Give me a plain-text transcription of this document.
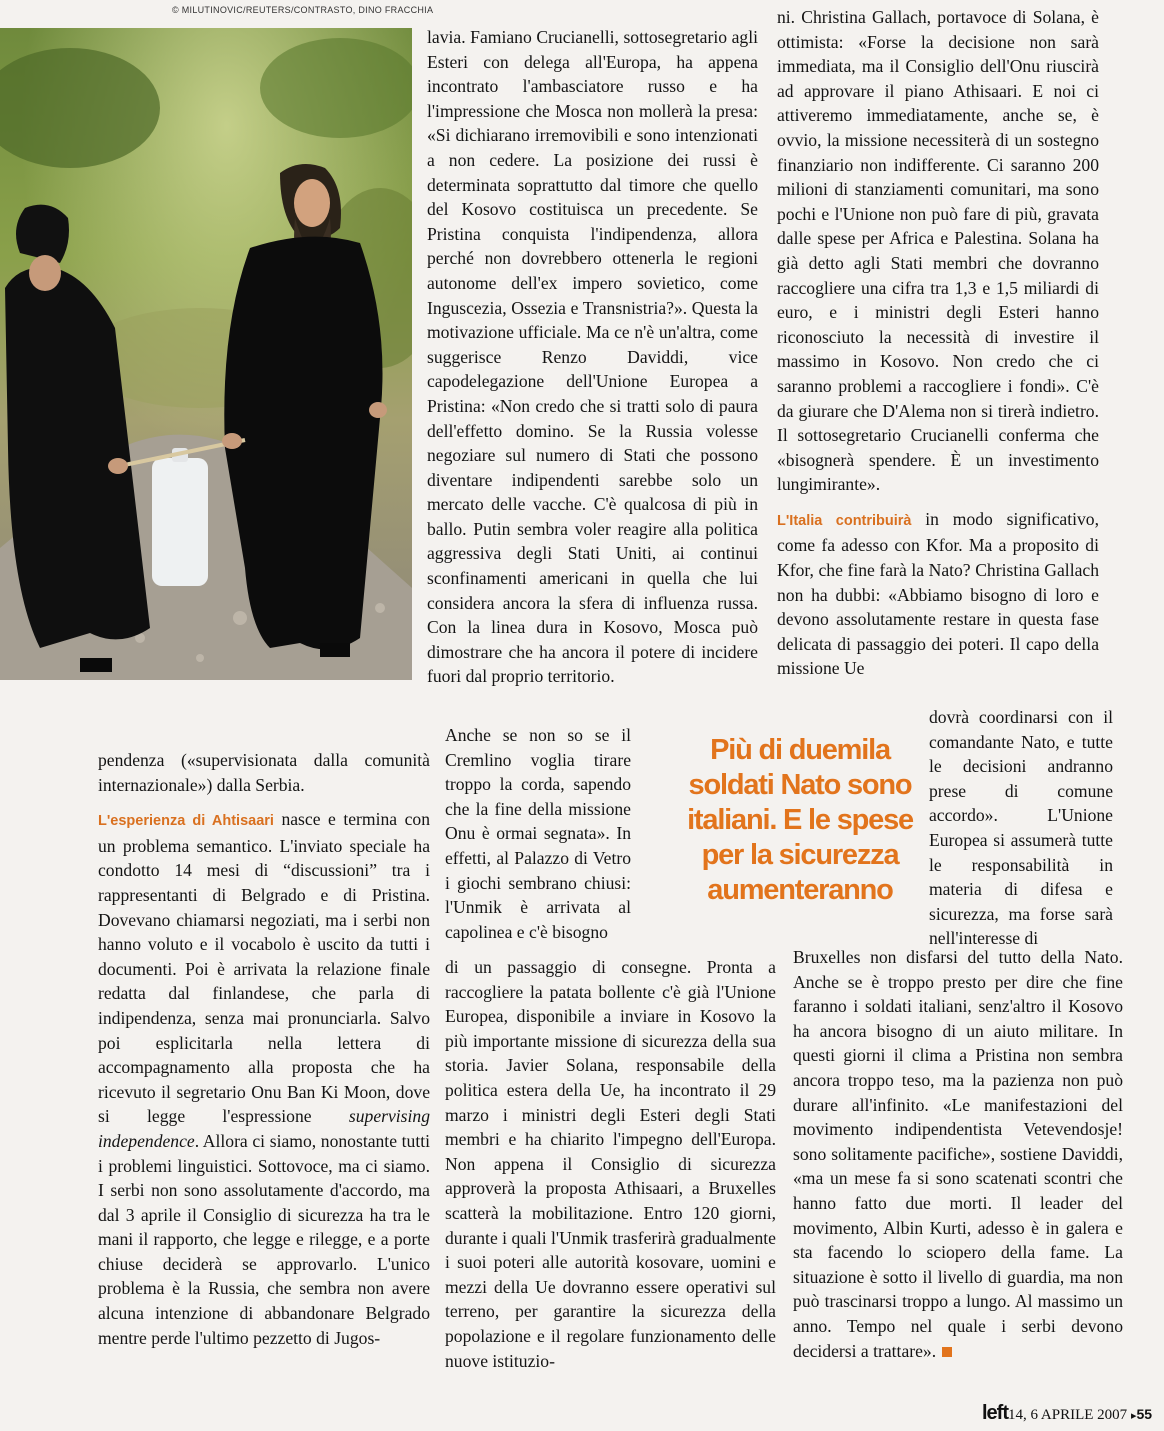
© MILUTINOVIC/REUTERS/CONTRASTO, DINO FRACCHIA

pendenza («supervisionata dalla comunità internazionale») dalla Serbia.

L'esperienza di Ahtisaari nasce e termina con un problema semantico. L'inviato speciale ha condotto 14 mesi di “discussioni” tra i rappresentanti di Belgrado e di Pristina. Dovevano chiamarsi negoziati, ma i serbi non hanno voluto e il vocabolo è uscito da tutti i documenti. Poi è arrivata la relazione finale redatta dal finlandese, che parla di indipendenza, senza mai pronunciarla. Salvo poi esplicitarla nella lettera di accompagnamento alla proposta che ha ricevuto il segretario Onu Ban Ki Moon, dove si legge l'espressione supervising independence. Allora ci siamo, nonostante tutti i problemi linguistici. Sottovoce, ma ci siamo. I serbi non sono assolutamente d'accordo, ma dal 3 aprile il Consiglio di sicurezza ha tra le mani il rapporto, che legge e rilegge, e a porte chiuse deciderà se approvarlo. L'unico problema è la Russia, che sembra non avere alcuna intenzione di abbandonare Belgrado mentre perde l'ultimo pezzetto di Jugos-

lavia. Famiano Crucianelli, sottosegretario agli Esteri con delega all'Europa, ha appena incontrato l'ambasciatore russo e ha l'impressione che Mosca non mollerà la presa: «Si dichiarano irremovibili e sono intenzionati a non cedere. La posizione dei russi è determinata soprattutto dal timore che quello del Kosovo costituisca un precedente. Se Pristina conquista l'indipendenza, allora perché non dovrebbero ottenerla le regioni autonome dell'ex impero sovietico, come Inguscezia, Ossezia e Transnistria?». Questa la motivazione ufficiale. Ma ce n'è un'altra, come suggerisce Renzo Daviddi, vice capodelegazione dell'Unione Europea a Pristina: «Non credo che si tratti solo di paura dell'effetto domino. Se la Russia volesse negoziare sul numero di Stati che possono diventare indipendenti sarebbe solo un mercato delle vacche. C'è qualcosa di più in ballo. Putin sembra voler reagire alla politica aggressiva degli Stati Uniti, ai continui sconfinamenti americani in quella che lui considera ancora la sfera di influenza russa. Con la linea dura in Kosovo, Mosca può dimostrare che ha ancora il potere di incidere fuori dal proprio territorio.

Anche se non so se il Cremlino voglia tirare troppo la corda, sapendo che la fine della missione Onu è ormai segnata». In effetti, al Palazzo di Vetro i giochi sembrano chiusi: l'Unmik è arrivata al capolinea e c'è bisogno

di un passaggio di consegne. Pronta a raccogliere la patata bollente c'è già l'Unione Europea, disponibile a inviare in Kosovo la più importante missione di sicurezza della sua storia. Javier Solana, responsabile della politica estera della Ue, ha incontrato il 29 marzo i ministri degli Esteri degli Stati membri e ha chiarito l'impegno dell'Europa. Non appena il Consiglio di sicurezza approverà la proposta Athisaari, a Bruxelles scatterà la mobilitazione. Entro 120 giorni, durante i quali l'Unmik trasferirà gradualmente i suoi poteri alle autorità kosovare, uomini e mezzi della Ue dovranno essere operativi sul terreno, per garantire la sicurezza della popolazione e il regolare funzionamento delle nuove istituzio-

ni. Christina Gallach, portavoce di Solana, è ottimista: «Forse la decisione non sarà immediata, ma il Consiglio dell'Onu riuscirà ad approvare il piano Athisaari. E noi ci attiveremo immediatamente, anche se, è ovvio, la missione necessiterà di un sostegno finanziario non indifferente. Ci saranno 200 milioni di stanziamenti comunitari, ma sono pochi e l'Unione non può fare di più, gravata dalle spese per Africa e Palestina. Solana ha già detto agli Stati membri che dovranno raccogliere una cifra tra 1,3 e 1,5 miliardi di euro, e i ministri degli Esteri hanno riconosciuto la necessità di investire il massimo in Kosovo. Non credo che ci saranno problemi a raccogliere i fondi». C'è da giurare che D'Alema non si tirerà indietro. Il sottosegretario Crucianelli conferma che «bisognerà spendere. È un investimento lungimirante».

L'Italia contribuirà in modo significativo, come fa adesso con Kfor. Ma a proposito di Kfor, che fine farà la Nato? Christina Gallach non ha dubbi: «Abbiamo bisogno di loro e devono assolutamente restare in questa fase delicata di passaggio dei poteri. Il capo della missione Ue

dovrà coordinarsi con il comandante Nato, e tutte le decisioni andranno prese di comune accordo». L'Unione Europea si assumerà tutte le responsabilità in materia di difesa e sicurezza, ma forse sarà nell'interesse di

Bruxelles non disfarsi del tutto della Nato. Anche se è troppo presto per dire che fine faranno i soldati italiani, senz'altro il Kosovo ha ancora bisogno di un aiuto militare. In questi giorni il clima a Pristina non sembra ancora troppo teso, ma la pazienza non può durare all'infinito. «Le manifestazioni del movimento indipendentista Vetevendosje! sono solitamente pacifiche», sostiene Daviddi, «ma un mese fa si sono scatenati scontri che hanno fatto due morti. Il leader del movimento, Albin Kurti, adesso è in galera e sta facendo lo sciopero della fame. La situazione è sotto il livello di guardia, ma non può trascinarsi troppo a lungo. Al massimo un anno. Tempo nel quale i serbi devono decidersi a trattare».

Più di duemila soldati Nato sono italiani. E le spese per la sicurezza aumenteranno
left14, 6 APRILE 2007 ▸55
